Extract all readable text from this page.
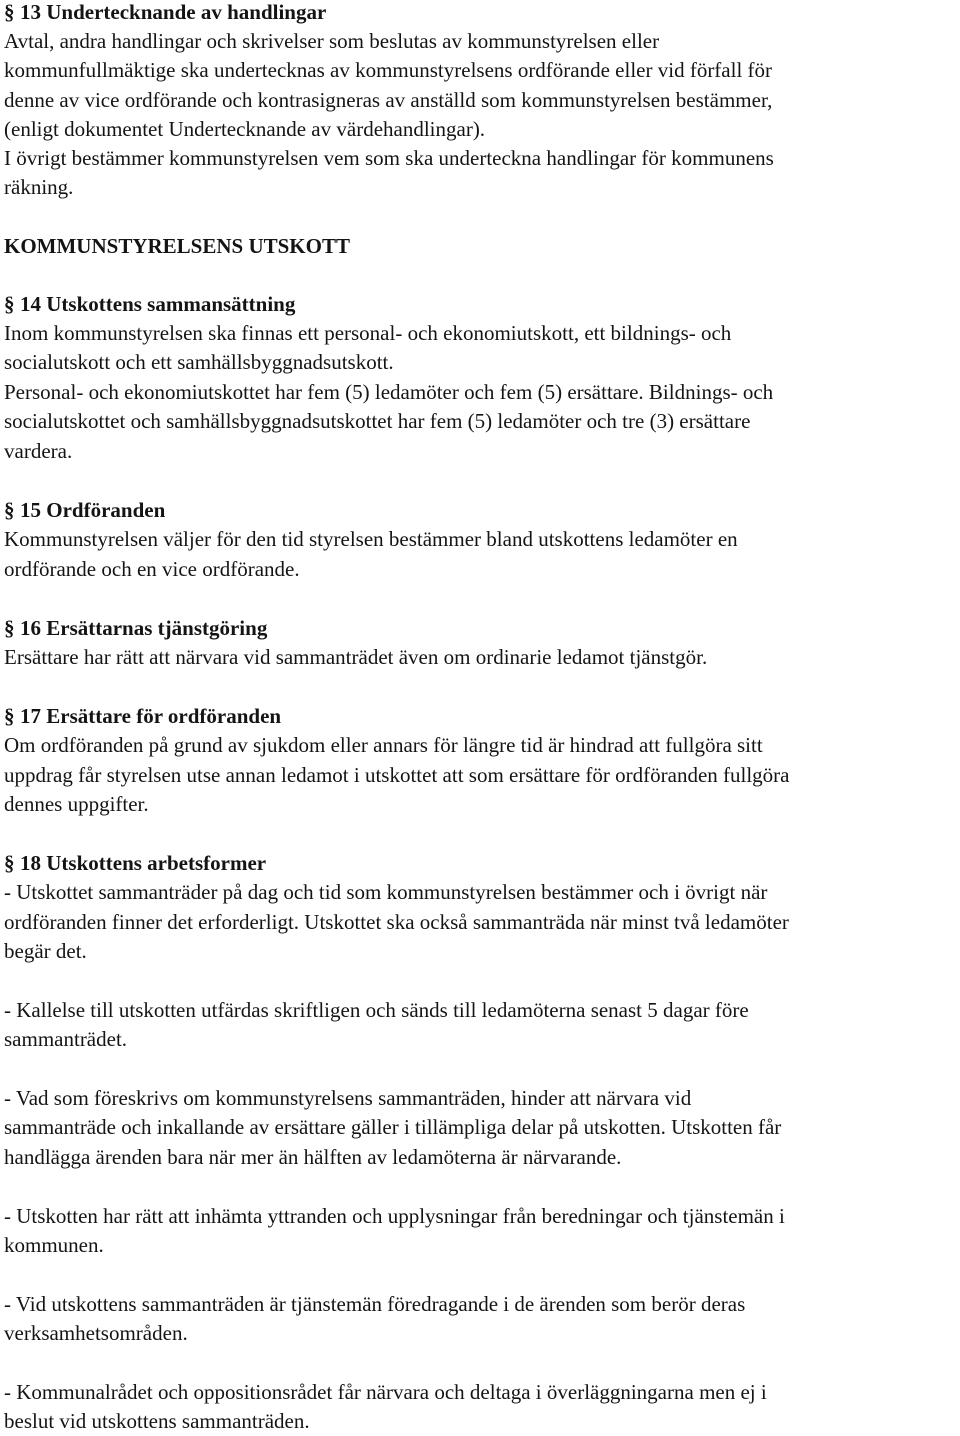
§ 13 Undertecknande av handlingar
Avtal, andra handlingar och skrivelser som beslutas av kommunstyrelsen eller
kommunfullmäktige ska undertecknas av kommunstyrelsens ordförande eller vid förfall för
denne av vice ordförande och kontrasigneras av anställd som kommunstyrelsen bestämmer,
(enligt dokumentet Undertecknande av värdehandlingar).
I övrigt bestämmer kommunstyrelsen vem som ska underteckna handlingar för kommunens
räkning.
KOMMUNSTYRELSENS UTSKOTT
§ 14 Utskottens sammansättning
Inom kommunstyrelsen ska finnas ett personal- och ekonomiutskott, ett bildnings- och
socialutskott och ett samhällsbyggnadsutskott.
Personal- och ekonomiutskottet har fem (5) ledamöter och fem (5) ersättare. Bildnings- och
socialutskottet och samhällsbyggnadsutskottet har fem (5) ledamöter och tre (3) ersättare
vardera.
§ 15 Ordföranden
Kommunstyrelsen väljer för den tid styrelsen bestämmer bland utskottens ledamöter en
ordförande och en vice ordförande.
§ 16 Ersättarnas tjänstgöring
Ersättare har rätt att närvara vid sammanträdet även om ordinarie ledamot tjänstgör.
§ 17 Ersättare för ordföranden
Om ordföranden på grund av sjukdom eller annars för längre tid är hindrad att fullgöra sitt
uppdrag får styrelsen utse annan ledamot i utskottet att som ersättare för ordföranden fullgöra
dennes uppgifter.
§ 18 Utskottens arbetsformer
- Utskottet sammanträder på dag och tid som kommunstyrelsen bestämmer och i övrigt när
ordföranden finner det erforderligt. Utskottet ska också sammanträda när minst två ledamöter
begär det.
- Kallelse till utskotten utfärdas skriftligen och sänds till ledamöterna senast 5 dagar före
sammanträdet.
- Vad som föreskrivs om kommunstyrelsens sammanträden, hinder att närvara vid
sammanträde och inkallande av ersättare gäller i tillämpliga delar på utskotten. Utskotten får
handlägga ärenden bara när mer än hälften av ledamöterna är närvarande.
- Utskotten har rätt att inhämta yttranden och upplysningar från beredningar och tjänstemän i
kommunen.
- Vid utskottens sammanträden är tjänstemän föredragande i de ärenden som berör deras
verksamhetsområden.
- Kommunalrådet och oppositionsrådet får närvara och deltaga i överläggningarna men ej i
beslut vid utskottens sammanträden.
